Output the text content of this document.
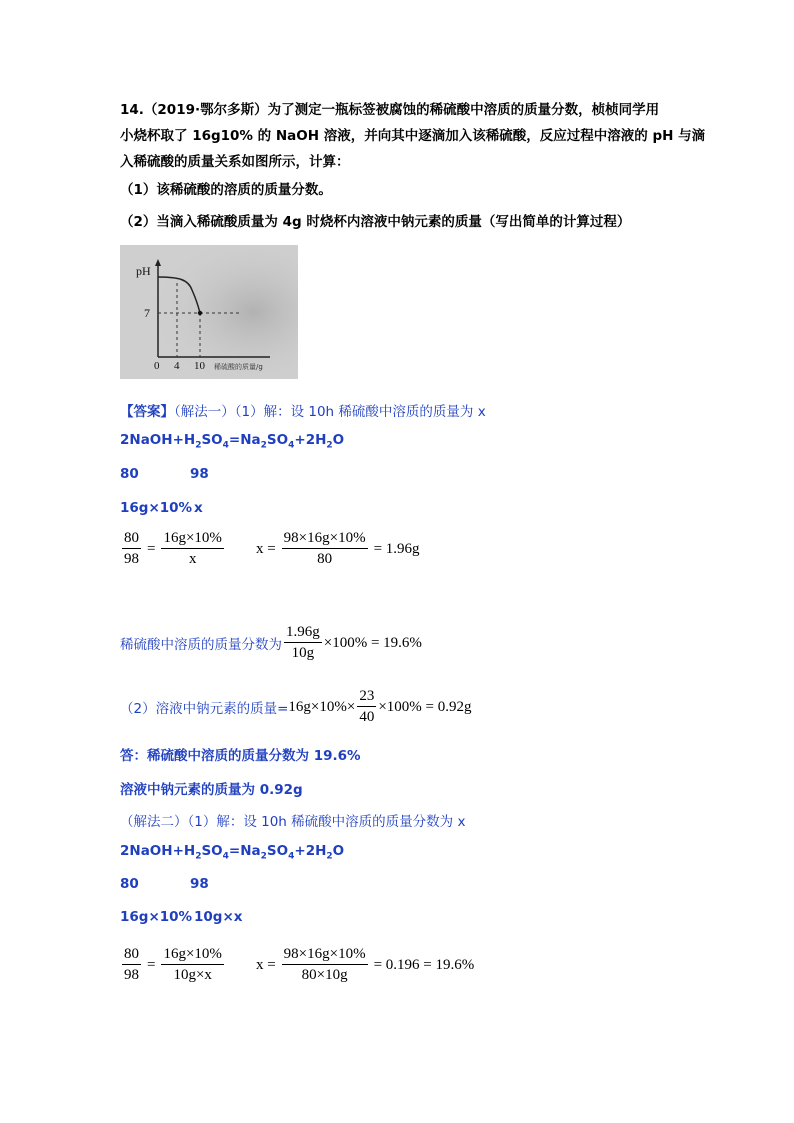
14.（2019·鄂尔多斯）为了测定一瓶标签被腐蚀的稀硫酸中溶质的质量分数，桢桢同学用
小烧杯取了 16g10% 的 NaOH 溶液，并向其中逐滴加入该稀硫酸，反应过程中溶液的 pH 与滴
入稀硫酸的质量关系如图所示，计算：
（1）该稀硫酸的溶质的质量分数。
（2）当滴入稀硫酸质量为 4g 时烧杯内溶液中钠元素的质量（写出简单的计算过程）
pH
7
0 4 10 稀硫酸的质量/g
【答案】（解法一）（1）解：设 10h 稀硫酸中溶质的质量为 x
$2NaOH+H_2SO_4=Na_2SO_4+2H_2O$
80	98
16g×10% x
$\frac{80}{98} = \frac{16g\times 10\%}{x}$ $x = \frac{98\times 16g\times 10\%}{80} = 1.96g$
稀硫酸中溶质的质量分数为 $\frac{1.96g}{10g} \times 100\% = 19.6\%$
（2）溶液中钠元素的质量= $16g\times 10\%\times \frac{23}{40} \times 100\% = 0.92g$
答：稀硫酸中溶质的质量分数为 19.6%
溶液中钠元素的质量为 0.92g
（解法二）（1）解：设 10h 稀硫酸中溶质的质量分数为 x
$2NaOH+H_2SO_4=Na_2SO_4+2H_2O$
80	98
16g×10% 10g×x
$\frac{80}{98} = \frac{16g\times 10\%}{10g\times x}$ $x = \frac{98\times 16g\times 10\%}{80\times 10g} = 0.196 = 19.6\%$
